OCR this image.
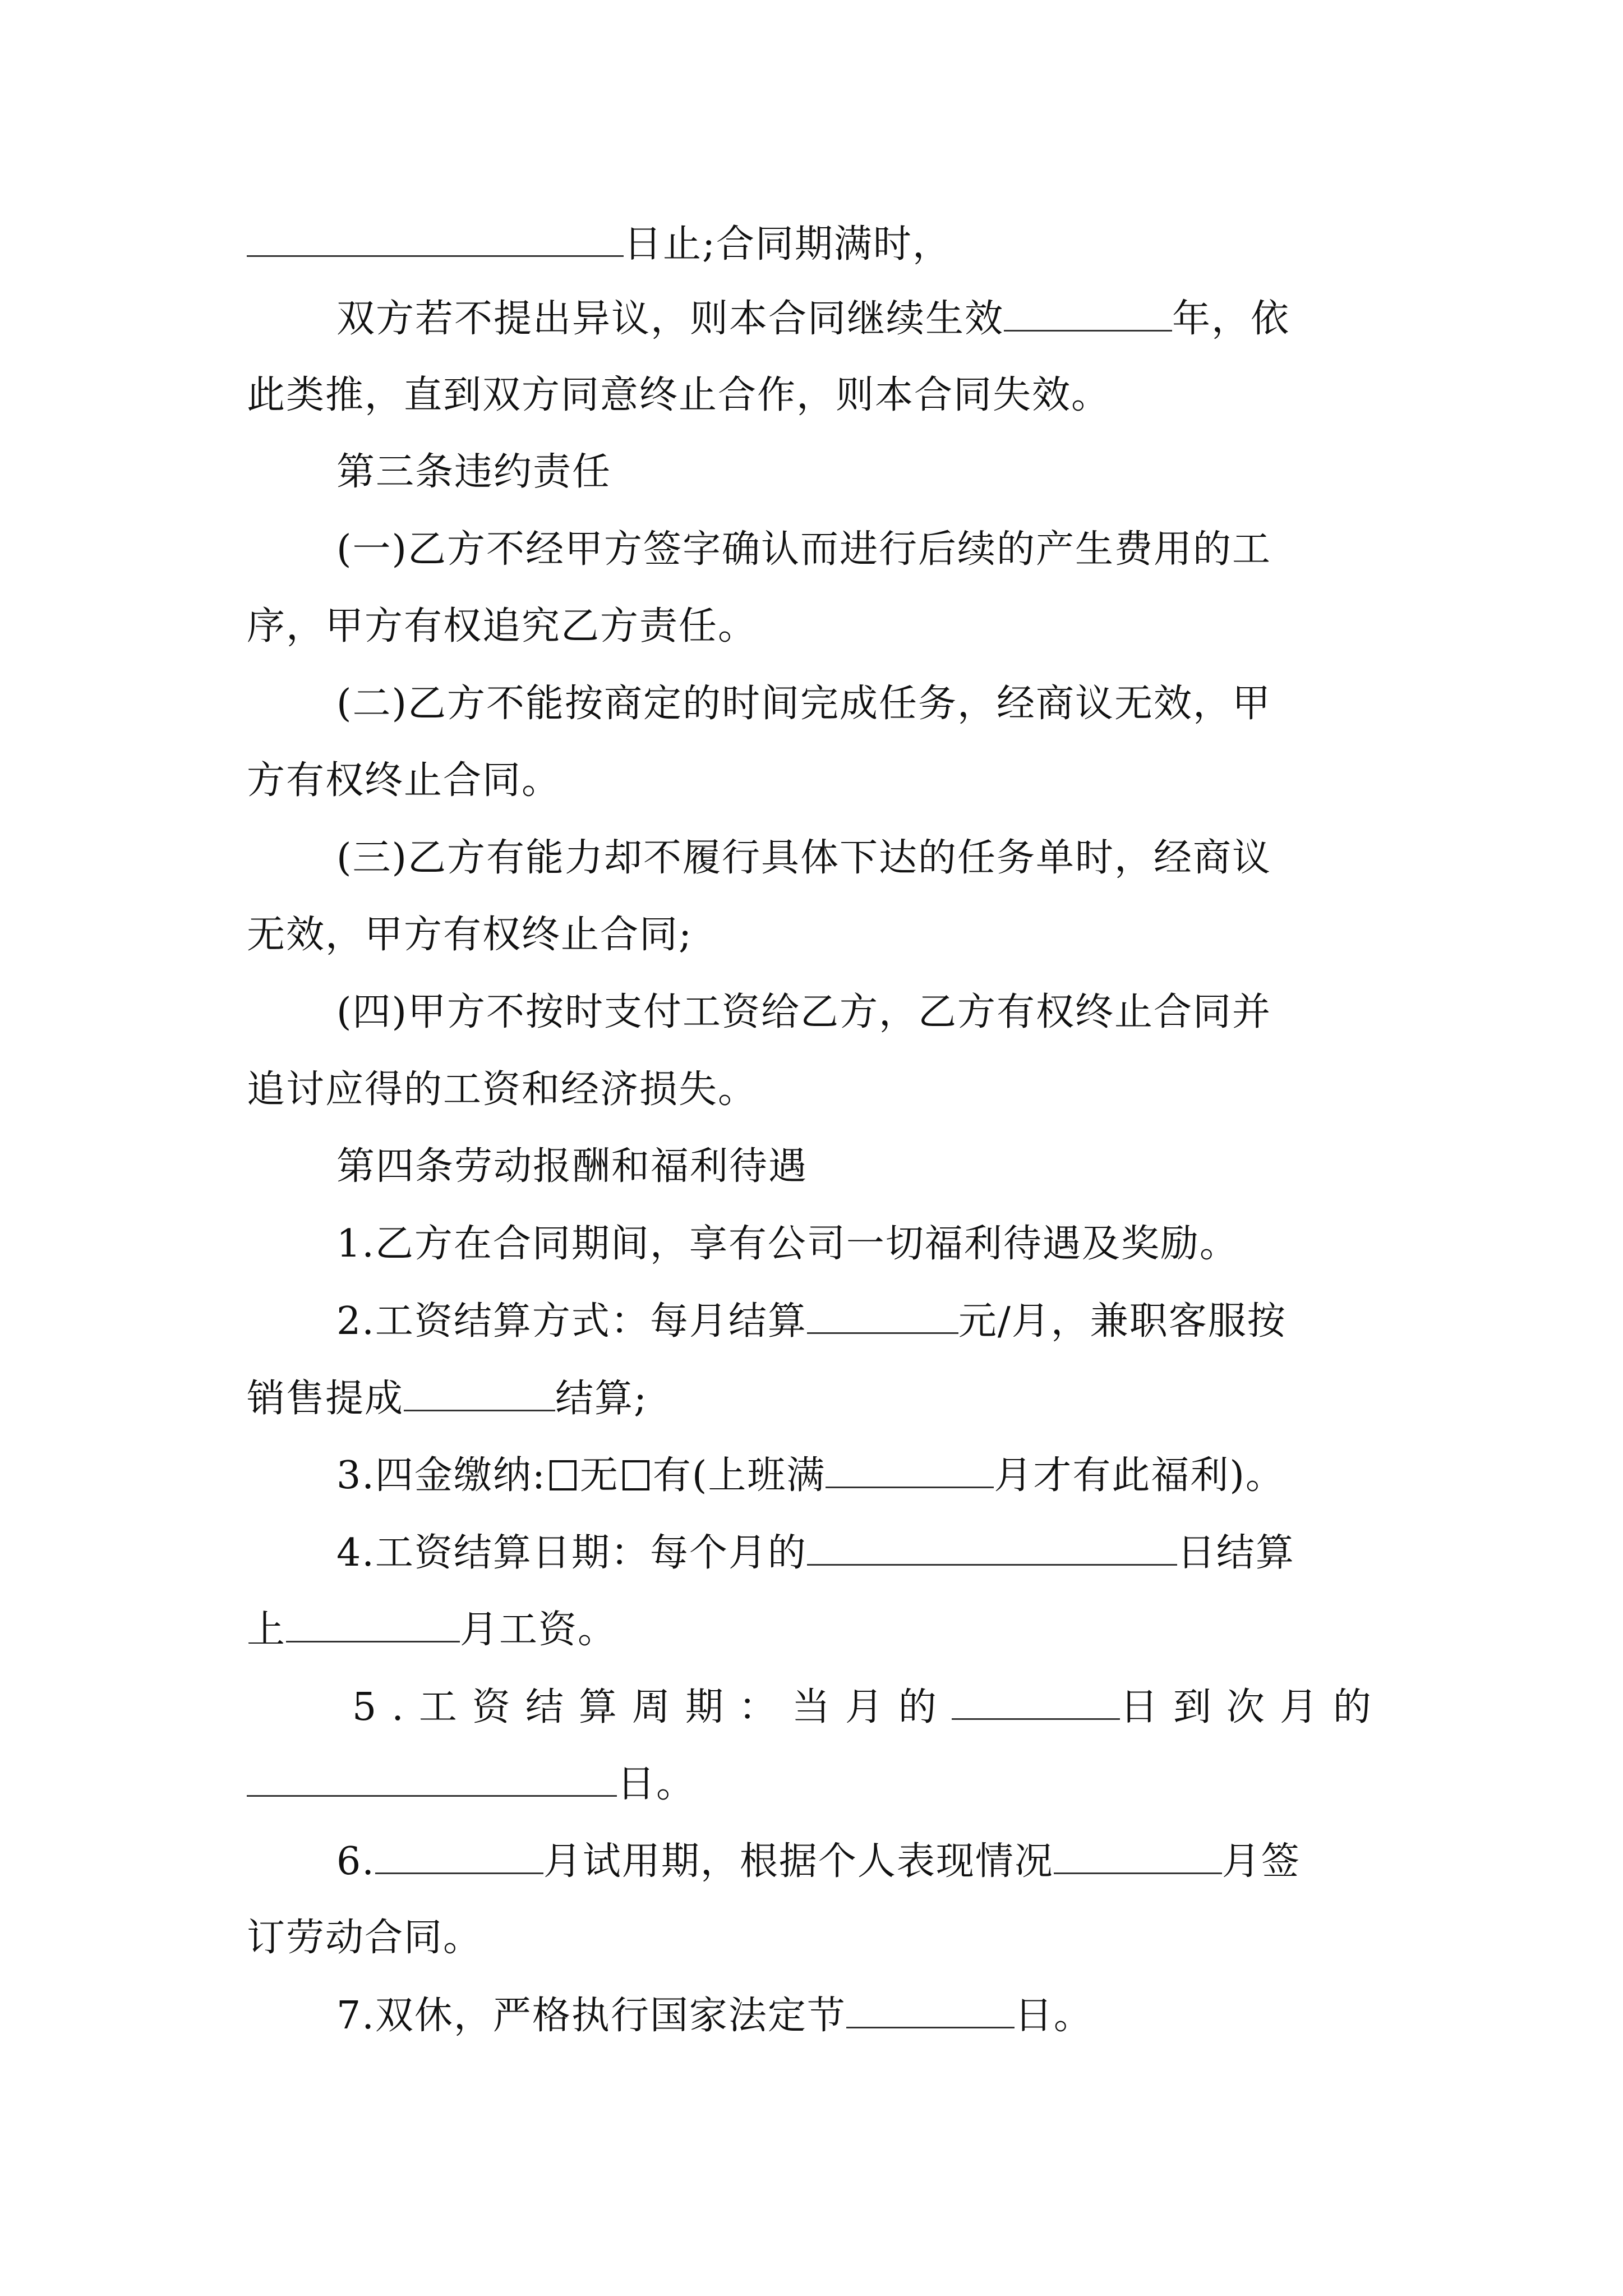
日止;合同期满时，
双方若不提出异议，则本合同继续生效	年，依
此类推，直到双方同意终止合作，则本合同失效。
第三条违约责任
(一)乙方不经甲方签字确认而进行后续的产生费用的工
序，甲方有权追究乙方责任。
(二)乙方不能按商定的时间完成任务，经商议无效，甲
方有权终止合同。
(三)乙方有能力却不履行具体下达的任务单时，经商议
无效，甲方有权终止合同;
(四)甲方不按时支付工资给乙方，乙方有权终止合同并
追讨应得的工资和经济损失。
第四条劳动报酬和福利待遇
1.乙方在合同期间，享有公司一切福利待遇及奖励。
2.工资结算方式：每月结算	元/月，兼职客服按
销售提成	结算;
3.四金缴纳: 无 有(上班满	月才有此福利)。
4.工资结算日期：每个月的	日结算
上	月工资。
5.工资结算周期：当月的	日到次月的
日。
6.	月试用期，根据个人表现情况	月签
订劳动合同。
7.双休，严格执行国家法定节	日。
